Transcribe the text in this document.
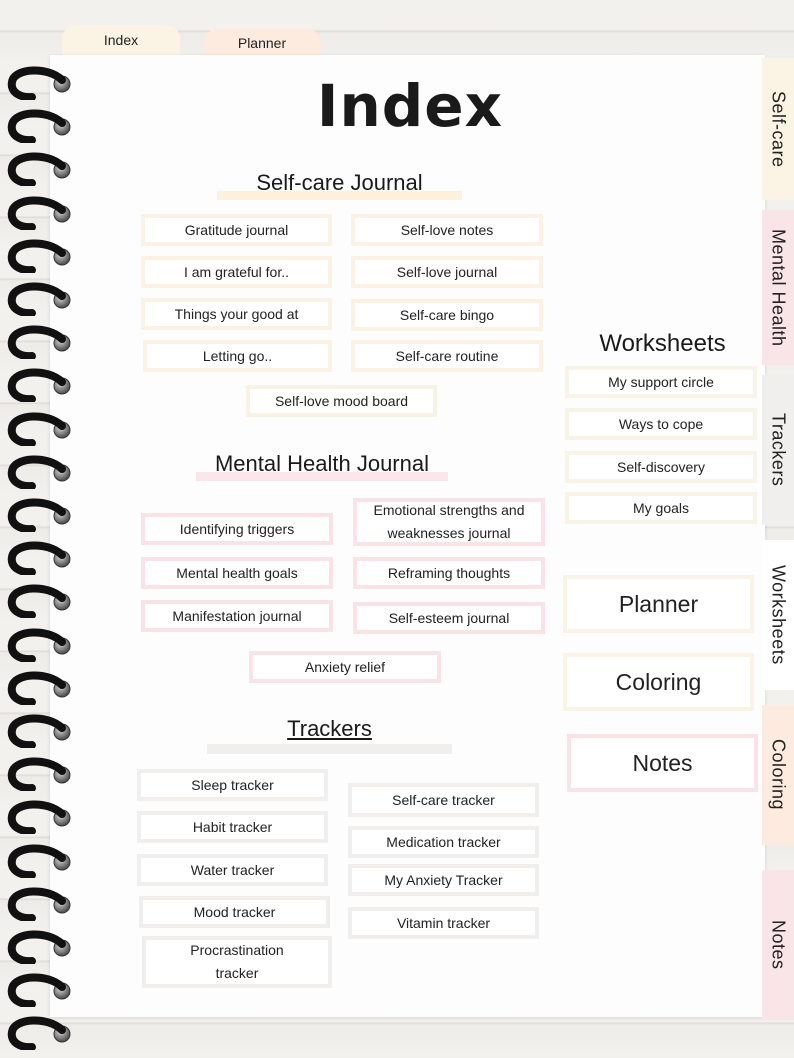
Index	Planner
Self-care
Mental Health
Trackers
Worksheets
Coloring
Notes
Index
Self-care Journal
Gratitude journal	Self-love notes
I am grateful for..	Self-love journal
Things your good at	Self-care bingo
Letting go..	Self-care routine
Self-love mood board
Mental Health Journal
Identifying triggers
Emotional strengths and weaknesses journal
Mental health goals	Reframing thoughts
Manifestation journal	Self-esteem journal
Anxiety relief
Trackers
Sleep tracker
Self-care tracker
Habit tracker
Medication tracker
Water tracker
My Anxiety Tracker
Mood tracker
Vitamin tracker
Procrastination tracker
Worksheets
My support circle
Ways to cope
Self-discovery
My goals
Planner
Coloring
Notes
